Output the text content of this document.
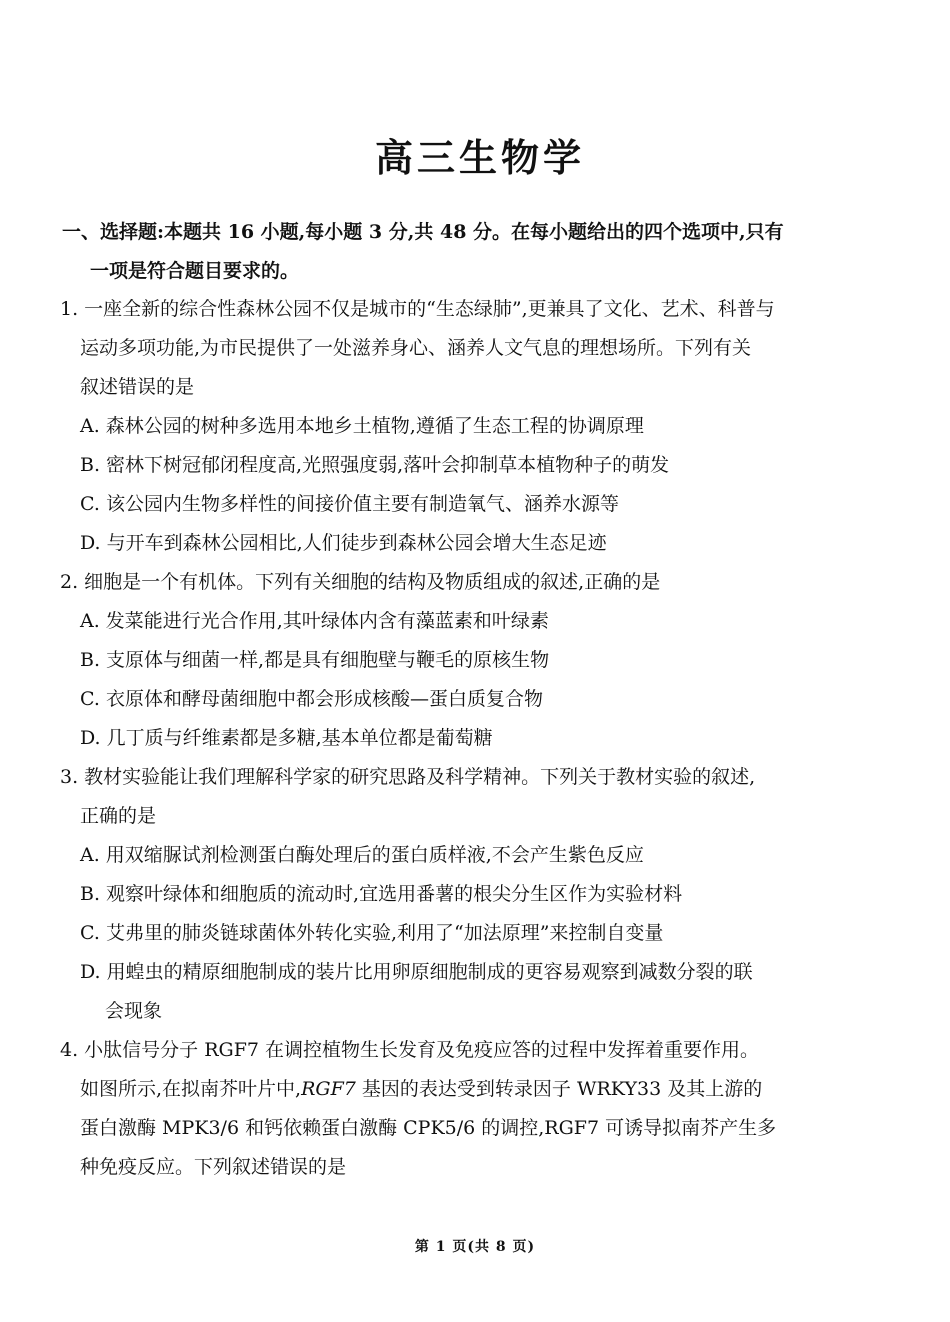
高三生物学
一、选择题:本题共 16 小题,每小题 3 分,共 48 分。在每小题给出的四个选项中,只有
一项是符合题目要求的。
1. 一座全新的综合性森林公园不仅是城市的“生态绿肺”,更兼具了文化、艺术、科普与
运动多项功能,为市民提供了一处滋养身心、涵养人文气息的理想场所。下列有关
叙述错误的是
A. 森林公园的树种多选用本地乡土植物,遵循了生态工程的协调原理
B. 密林下树冠郁闭程度高,光照强度弱,落叶会抑制草本植物种子的萌发
C. 该公园内生物多样性的间接价值主要有制造氧气、涵养水源等
D. 与开车到森林公园相比,人们徒步到森林公园会增大生态足迹
2. 细胞是一个有机体。下列有关细胞的结构及物质组成的叙述,正确的是
A. 发菜能进行光合作用,其叶绿体内含有藻蓝素和叶绿素
B. 支原体与细菌一样,都是具有细胞壁与鞭毛的原核生物
C. 衣原体和酵母菌细胞中都会形成核酸—蛋白质复合物
D. 几丁质与纤维素都是多糖,基本单位都是葡萄糖
3. 教材实验能让我们理解科学家的研究思路及科学精神。下列关于教材实验的叙述,
正确的是
A. 用双缩脲试剂检测蛋白酶处理后的蛋白质样液,不会产生紫色反应
B. 观察叶绿体和细胞质的流动时,宜选用番薯的根尖分生区作为实验材料
C. 艾弗里的肺炎链球菌体外转化实验,利用了“加法原理”来控制自变量
D. 用蝗虫的精原细胞制成的装片比用卵原细胞制成的更容易观察到减数分裂的联
会现象
4. 小肽信号分子 RGF7 在调控植物生长发育及免疫应答的过程中发挥着重要作用。
如图所示,在拟南芥叶片中,RGF7 基因的表达受到转录因子 WRKY33 及其上游的
蛋白激酶 MPK3/6 和钙依赖蛋白激酶 CPK5/6 的调控,RGF7 可诱导拟南芥产生多
种免疫反应。下列叙述错误的是
第 1 页(共 8 页)
